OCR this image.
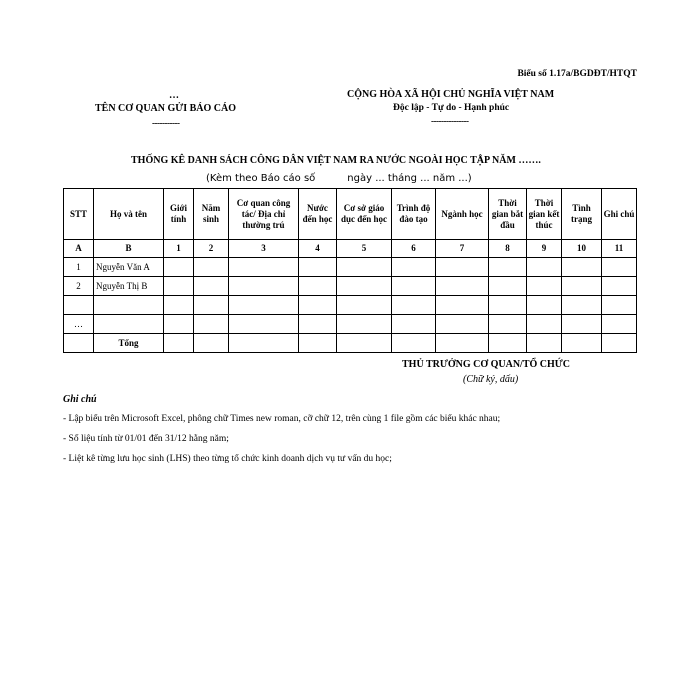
Biểu số 1.17a/BGDĐT/HTQT
…
TÊN CƠ QUAN GỬI BÁO CÁO
-----------
CỘNG HÒA XÃ HỘI CHỦ NGHĨA VIỆT NAM
Độc lập - Tự do - Hạnh phúc
---------------
THỐNG KÊ DANH SÁCH CÔNG DÂN VIỆT NAM RA NƯỚC NGOÀI HỌC TẬP NĂM …….
(Kèm theo Báo cáo số	ngày ... tháng ... năm ...)
STT	Họ và tên	Giới tính	Năm sinh	Cơ quan công tác/ Địa chỉ thường trú	Nước đến học	Cơ sở giáo dục đến học	Trình độ đào tạo	Ngành học	Thời gian bắt đầu	Thời gian kết thúc	Tình trạng	Ghi chú
A	B	1	2	3	4	5	6	7	8	9	10	11
1	Nguyễn Văn A											
2	Nguyễn Thị B											

…												
	Tổng											
THỦ TRƯỞNG CƠ QUAN/TỔ CHỨC
(Chữ ký, dấu)
Ghi chú
- Lập biểu trên Microsoft Excel, phông chữ Times new roman, cỡ chữ 12, trên cùng 1 file gồm các biểu khác nhau;
- Số liệu tính từ 01/01 đến 31/12 hằng năm;
- Liệt kê từng lưu học sinh (LHS) theo từng tổ chức kinh doanh dịch vụ tư vấn du học;
